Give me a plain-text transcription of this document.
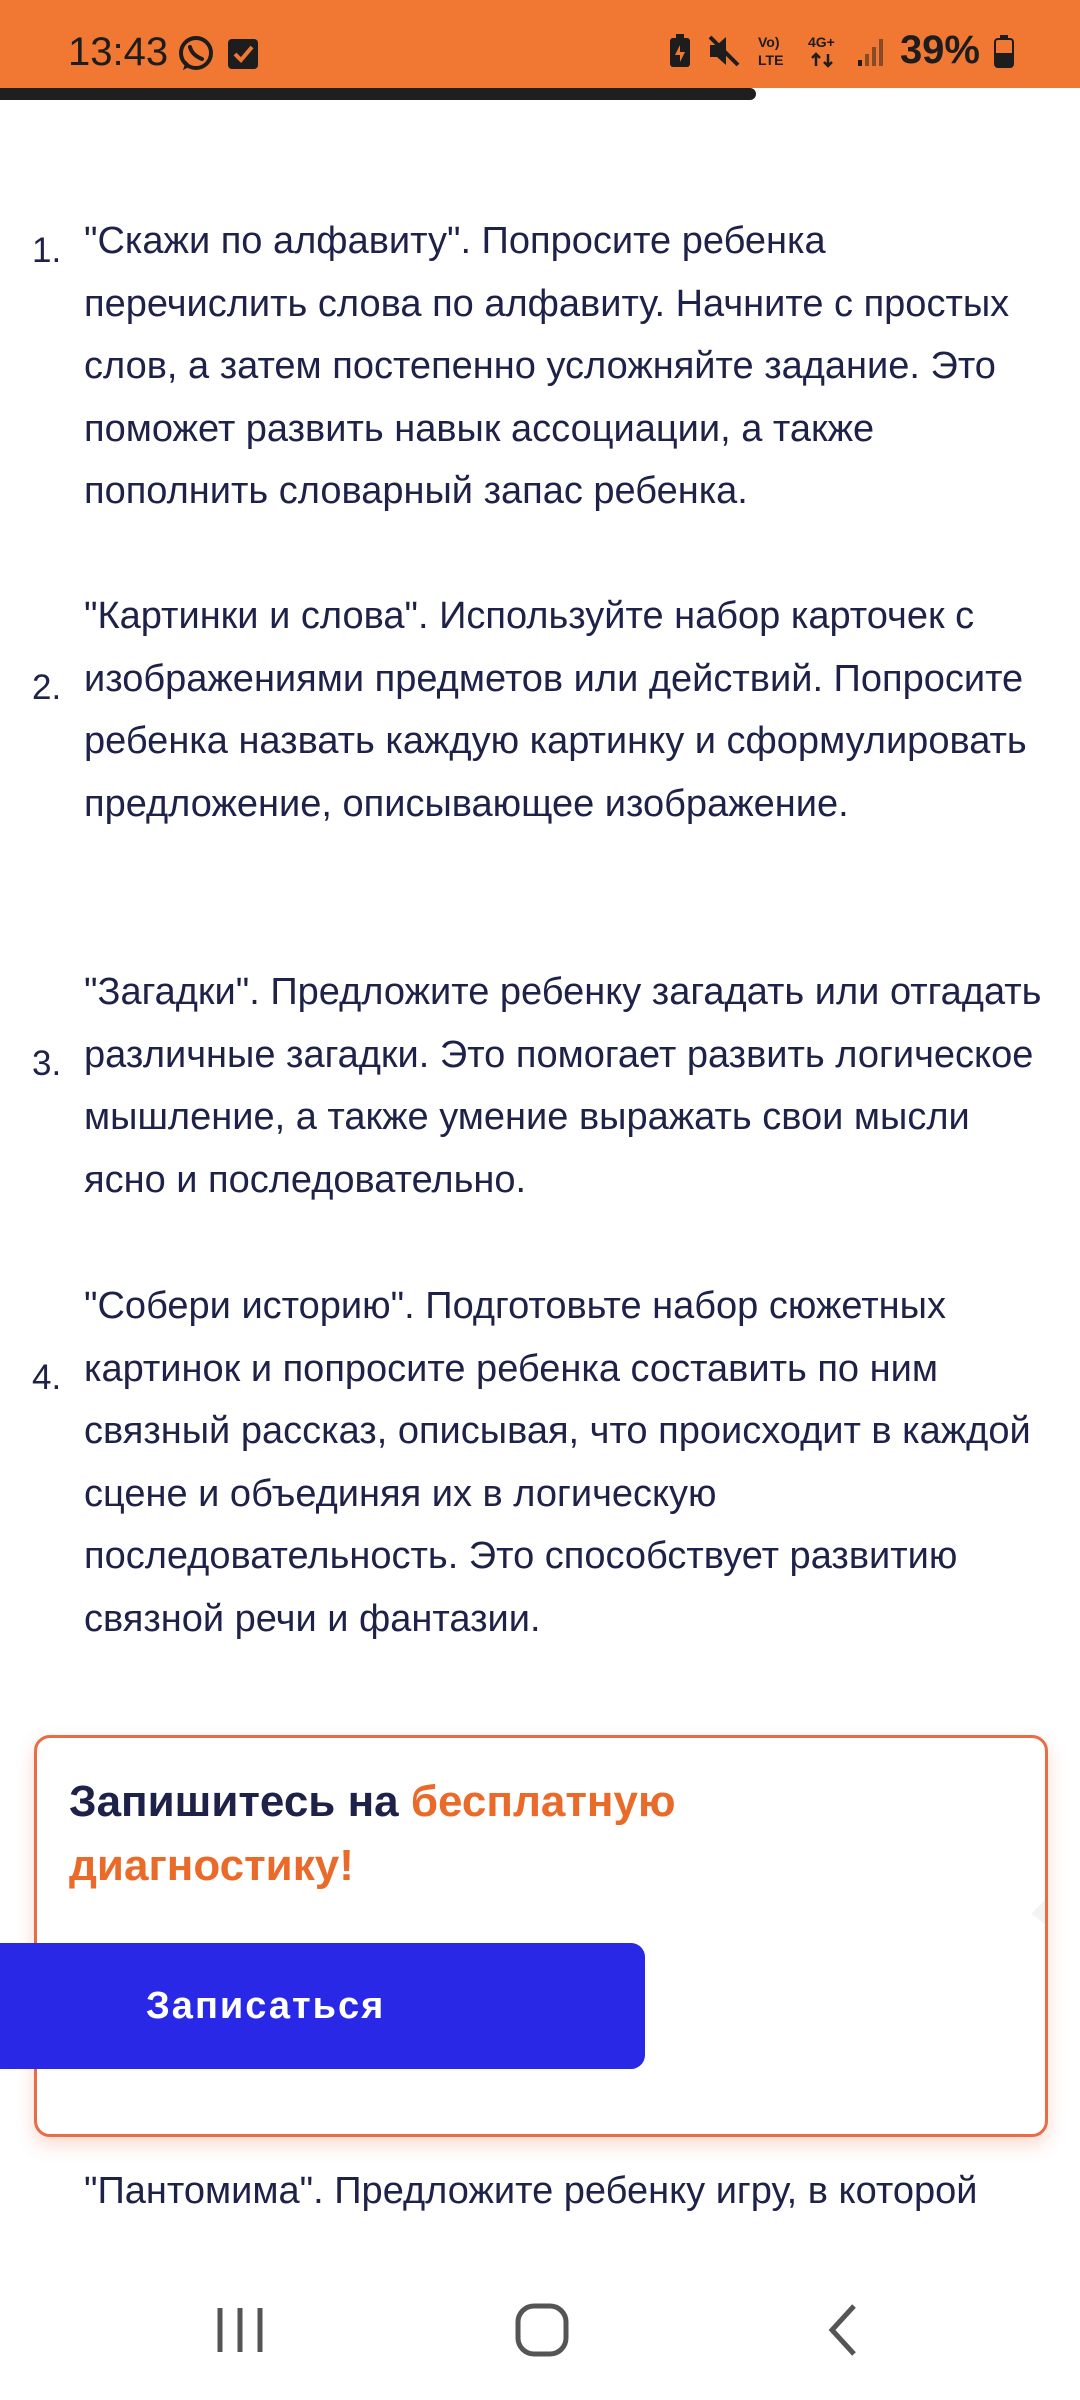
13:43	Vo)
LTE
4G+ 39%
1. "Скажи по алфавиту". Попросите ребенка перечислить слова по алфавиту. Начните с простых слов, а затем постепенно усложняйте задание. Это поможет развить навык ассоциации, а также пополнить словарный запас ребенка.
2.
"Картинки и слова". Используйте набор карточек с изображениями предметов или действий. Попросите ребенка назвать каждую картинку и сформулировать предложение, описывающее изображение.
3.
"Загадки". Предложите ребенку загадать или отгадать различные загадки. Это помогает развить логическое мышление, а также умение выражать свои мысли ясно и последовательно.
4.
"Собери историю". Подготовьте набор сюжетных картинок и попросите ребенка составить по ним связный рассказ, описывая, что происходит в каждой сцене и объединяя их в логическую последовательность. Это способствует развитию связной речи и фантазии.
Запишитесь на бесплатную диагностику!
Записаться
"Пантомима". Предложите ребенку игру, в которой
